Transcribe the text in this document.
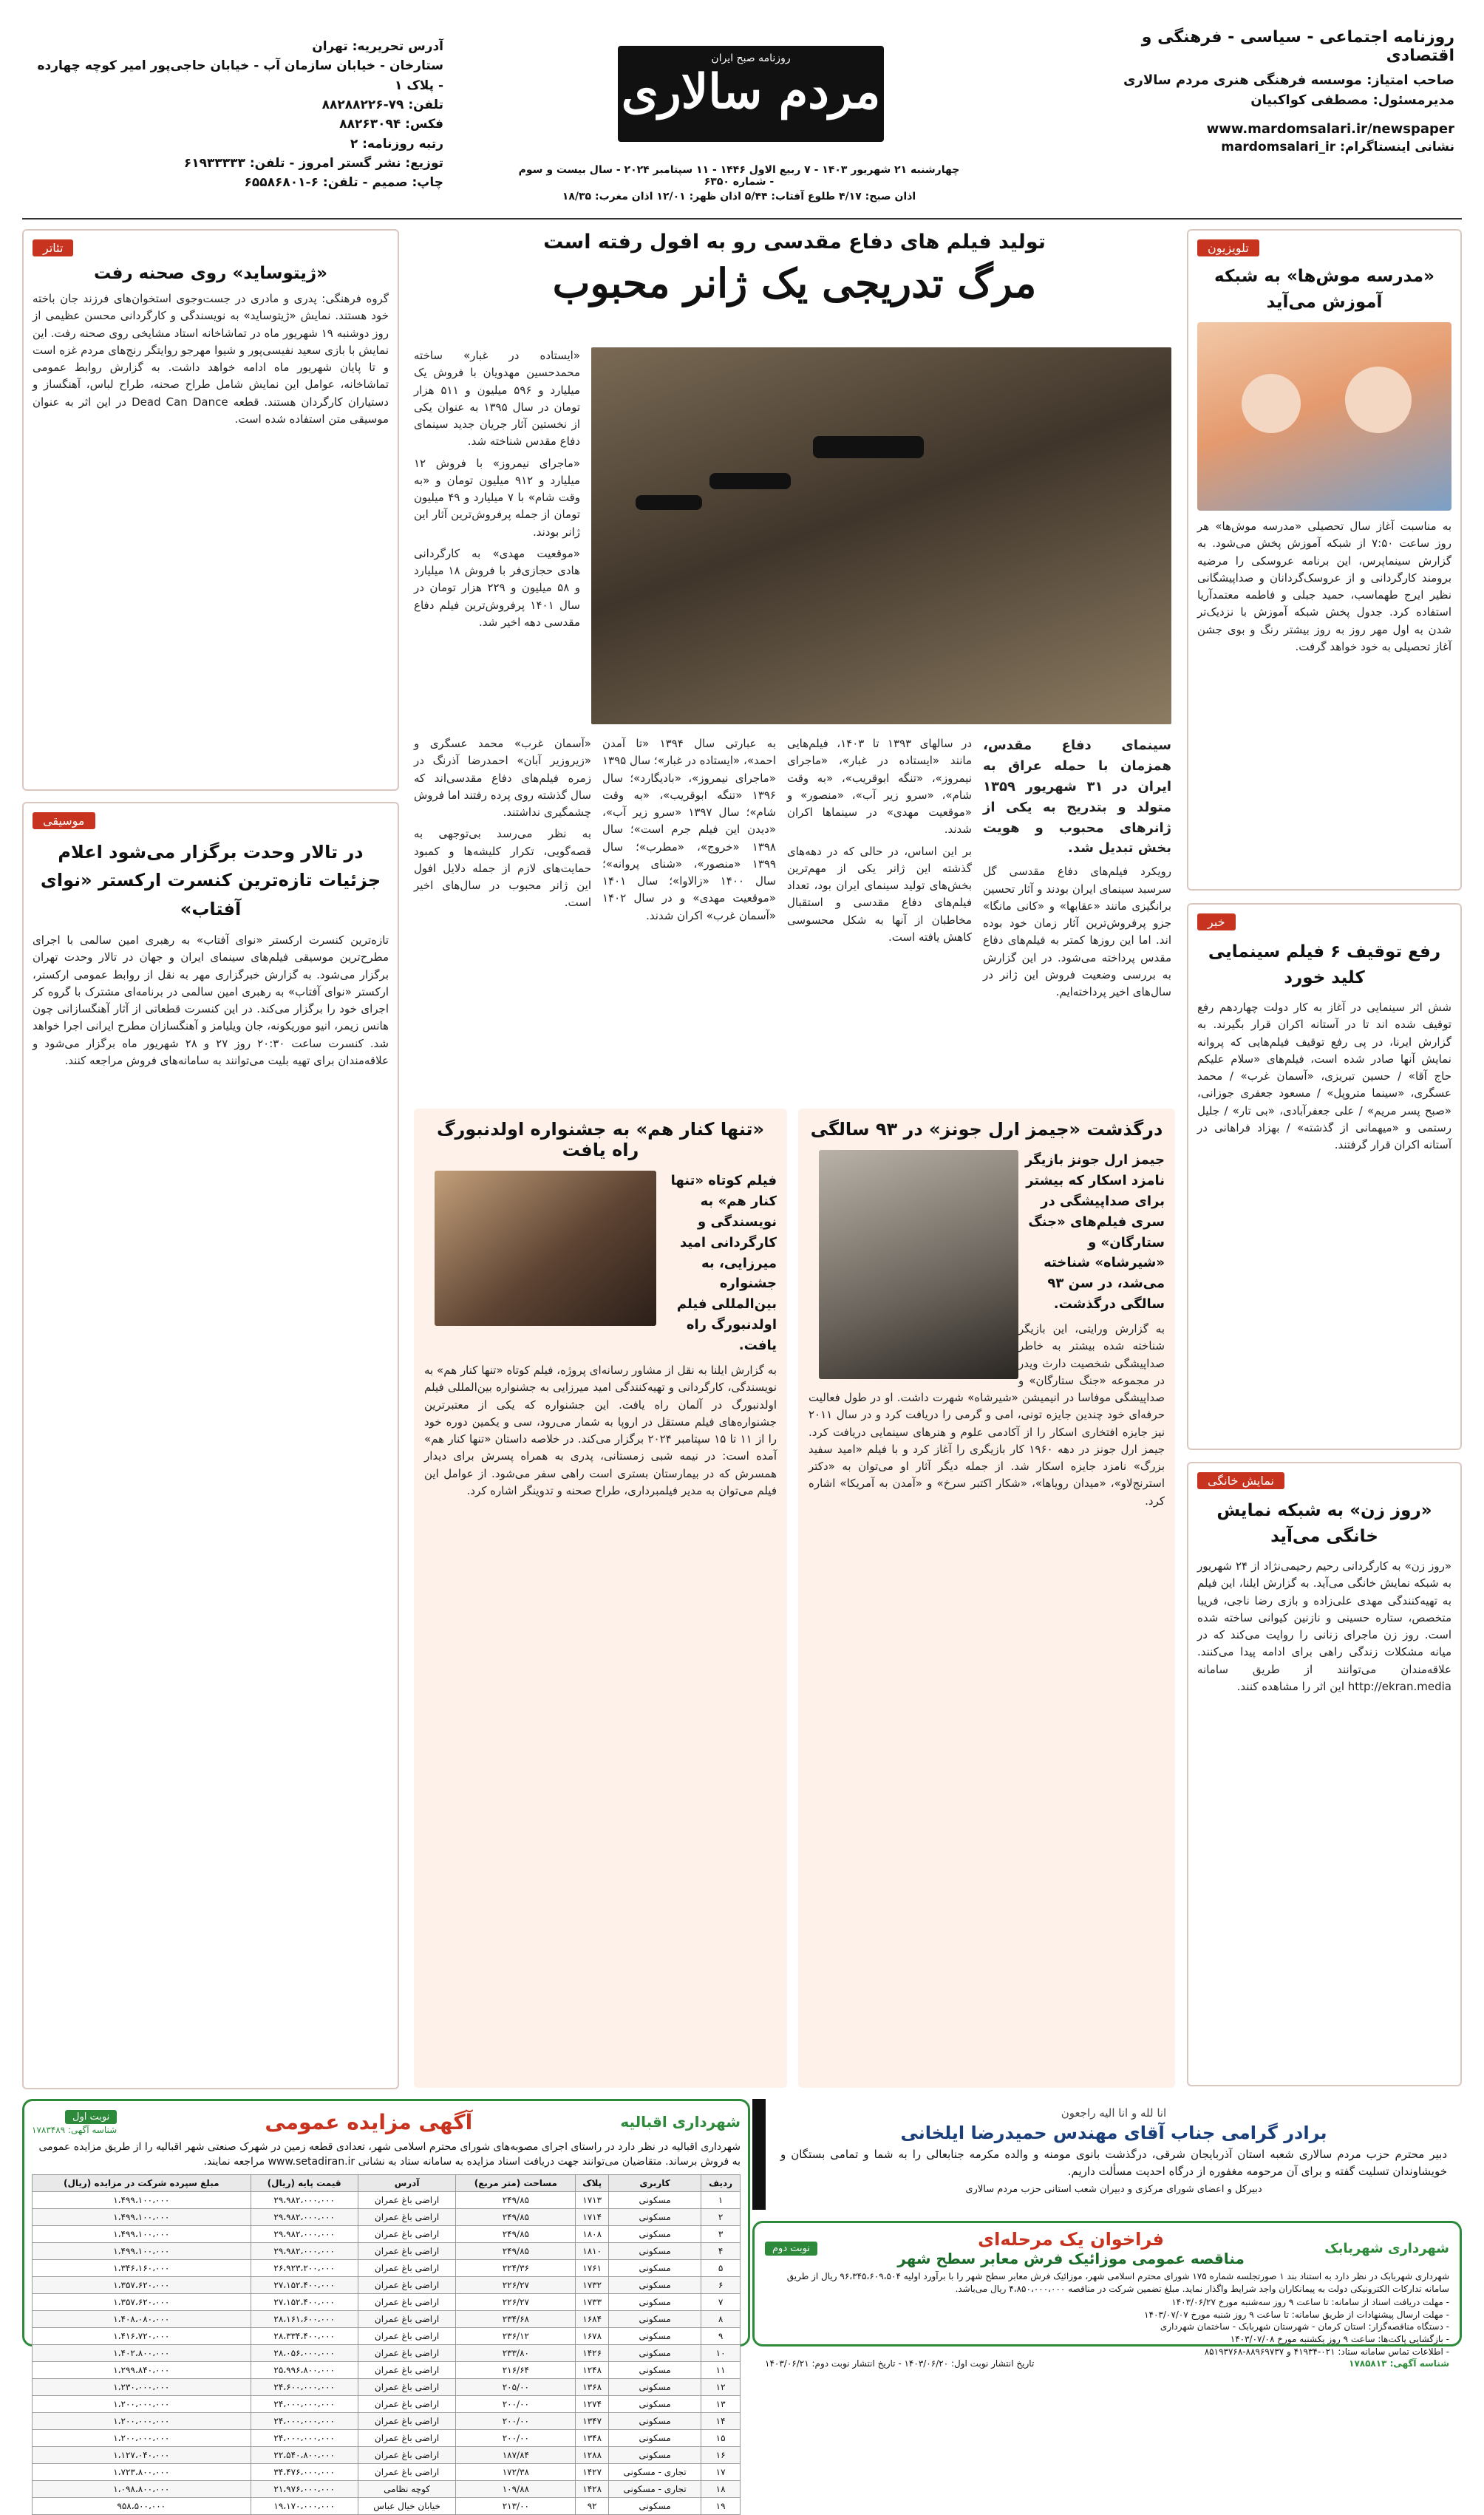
روزنامه اجتماعی - سیاسی - فرهنگی و اقتصادی
صاحب امتیاز: موسسه فرهنگی هنری مردم سالاری
مدیرمسئول: مصطفی کواکبیان
www.mardomsalari.ir/newspaper
نشانی اینستاگرام: mardomsalari_ir
روزنامه صبح ایران
مردم سالاری
چهارشنبه ۲۱ شهریور ۱۴۰۳ - ۷ ربیع الاول ۱۴۴۶ - ۱۱ سپتامبر ۲۰۲۴ - سال بیست و سوم - شماره ۶۳۵۰
اذان صبح: ۴/۱۷ طلوع آفتاب: ۵/۴۴ اذان ظهر: ۱۲/۰۱ اذان مغرب: ۱۸/۳۵
آدرس تحریریه: تهران
ستارخان - خیابان سازمان آب - خیابان حاجی‌پور امیر کوچه چهارده - پلاک ۱
تلفن: ۷۹-۸۸۲۸۸۲۲۶
فکس: ۸۸۲۶۳۰۹۴
رتبه روزنامه: ۲
توزیع: نشر گستر امروز - تلفن: ۶۱۹۳۳۳۳۳
چاپ: صمیم - تلفن: ۶-۶۵۵۸۶۸۰۱
تلویزیون
«مدرسه موش‌ها» به شبکه آموزش می‌آید
به مناسبت آغاز سال تحصیلی «مدرسه موش‌ها» هر روز ساعت ۷:۵۰ از شبکه آموزش پخش می‌شود. به گزارش سینماپرس، این برنامه عروسکی را مرضیه برومند کارگردانی و از عروسک‌گردانان و صداپیشگانی نظیر ایرج طهماسب، حمید جبلی و فاطمه معتمدآریا استفاده کرد. جدول پخش شبکه آموزش با نزدیک‌تر شدن به اول مهر روز به روز بیشتر رنگ و بوی جشن آغاز تحصیلی به خود خواهد گرفت.
خبر
رفع توقیف ۶ فیلم سینمایی کلید خورد
شش اثر سینمایی در آغاز به کار دولت چهاردهم رفع توقیف شده اند تا در آستانه اکران قرار بگیرند. به گزارش ایرنا، در پی رفع توقیف فیلم‌هایی که پروانه نمایش آنها صادر شده است، فیلم‌های «سلام علیکم حاج آقا» / حسین تبریزی، «آسمان غرب» / محمد عسگری، «سینما متروپل» / مسعود جعفری جوزانی، «صبح پسر مریم» / علی جعفرآبادی، «بی تار» / جلیل رستمی و «میهمانی از گذشته» / بهزاد فراهانی در آستانه اکران قرار گرفتند.
نمایش خانگی
«روز زن» به شبکه نمایش خانگی می‌آید
«روز زن» به کارگردانی رحیم رحیمی‌نژاد از ۲۴ شهریور به شبکه نمایش خانگی می‌آید. به گزارش ایلنا، این فیلم به تهیه‌کنندگی مهدی علی‌زاده و بازی رضا ناجی، فریبا متخصص، ستاره حسینی و نازنین کیوانی ساخته شده است. روز زن ماجرای زنانی را روایت می‌کند که در میانه مشکلات زندگی راهی برای ادامه پیدا می‌کنند. علاقه‌مندان می‌توانند از طریق سامانه http://ekran.media این اثر را مشاهده کنند.
تئاتر
«ژیتوساید» روی صحنه رفت
گروه فرهنگی: پدری و مادری در جست‌وجوی استخوان‌های فرزند جان باخته خود هستند. نمایش «ژیتوساید» به نویسندگی و کارگردانی محسن عظیمی از روز دوشنبه ۱۹ شهریور ماه در تماشاخانه استاد مشایخی روی صحنه رفت. این نمایش با بازی سعید نفیسی‌پور و شیوا مهرجو روایتگر رنج‌های مردم غزه است و تا پایان شهریور ماه ادامه خواهد داشت. به گزارش روابط عمومی تماشاخانه، عوامل این نمایش شامل طراح صحنه، طراح لباس، آهنگساز و دستیاران کارگردان هستند. قطعه Dead Can Dance در این اثر به عنوان موسیقی متن استفاده شده است.
موسیقی
در تالار وحدت برگزار می‌شود اعلام جزئیات تازه‌ترین کنسرت ارکستر «نوای آفتاب»
تازه‌ترین کنسرت ارکستر «نوای آفتاب» به رهبری امین سالمی با اجرای مطرح‌ترین موسیقی فیلم‌های سینمای ایران و جهان در تالار وحدت تهران برگزار می‌شود. به گزارش خبرگزاری مهر به نقل از روابط عمومی ارکستر، ارکستر «نوای آفتاب» به رهبری امین سالمی در برنامه‌ای مشترک با گروه کر اجرای خود را برگزار می‌کند. در این کنسرت قطعاتی از آثار آهنگسازانی چون هانس زیمر، انیو موریکونه، جان ویلیامز و آهنگسازان مطرح ایرانی اجرا خواهد شد. کنسرت ساعت ۲۰:۳۰ روز ۲۷ و ۲۸ شهریور ماه برگزار می‌شود و علاقه‌مندان برای تهیه بلیت می‌توانند به سامانه‌های فروش مراجعه کنند.
تولید فیلم های دفاع مقدسی رو به افول رفته است
مرگ تدریجی یک ژانر محبوب

«ایستاده در غبار» ساخته محمدحسین مهدویان با فروش یک میلیارد و ۵۹۶ میلیون و ۵۱۱ هزار تومان در سال ۱۳۹۵ به عنوان یکی از نخستین آثار جریان جدید سینمای دفاع مقدس شناخته شد.

«ماجرای نیمروز» با فروش ۱۲ میلیارد و ۹۱۲ میلیون تومان و «به وقت شام» با ۷ میلیارد و ۴۹ میلیون تومان از جمله پرفروش‌ترین آثار این ژانر بودند.

«موقعیت مهدی» به کارگردانی هادی حجازی‌فر با فروش ۱۸ میلیارد و ۵۸ میلیون و ۲۲۹ هزار تومان در سال ۱۴۰۱ پرفروش‌ترین فیلم دفاع مقدسی دهه اخیر شد.

سینمای دفاع مقدس، همزمان با حمله عراق به ایران در ۳۱ شهریور ۱۳۵۹ متولد و بتدریج به یکی از ژانرهای محبوب و هویت بخش تبدیل شد.

رویکرد فیلم‌های دفاع مقدسی گل سرسبد سینمای ایران بودند و آثار تحسین برانگیزی مانند «عقابها» و «کانی مانگا» جزو پرفروش‌ترین آثار زمان خود بوده اند. اما این روزها کمتر به فیلم‌های دفاع مقدس پرداخته می‌شود. در این گزارش به بررسی وضعیت فروش این ژانر در سال‌های اخیر پرداخته‌ایم.

در سالهای ۱۳۹۳ تا ۱۴۰۳، فیلم‌هایی مانند «ایستاده در غبار»، «ماجرای نیمروز»، «تنگه ابوقریب»، «به وقت شام»، «سرو زیر آب»، «منصور» و «موقعیت مهدی» در سینماها اکران شدند.

بر این اساس، در حالی که در دهه‌های گذشته این ژانر یکی از مهم‌ترین بخش‌های تولید سینمای ایران بود، تعداد فیلم‌های دفاع مقدسی و استقبال مخاطبان از آنها به شکل محسوسی کاهش یافته است.

به عبارتی سال ۱۳۹۴ «تا آمدن احمد»، «ایستاده در غبار»؛ سال ۱۳۹۵ «ماجرای نیمروز»، «بادیگارد»؛ سال ۱۳۹۶ «تنگه ابوقریب»، «به وقت شام»؛ سال ۱۳۹۷ «سرو زیر آب»، «دیدن این فیلم جرم است»؛ سال ۱۳۹۸ «خروج»، «مطرب»؛ سال ۱۳۹۹ «منصور»، «شنای پروانه»؛ سال ۱۴۰۰ «زالاوا»؛ سال ۱۴۰۱ «موقعیت مهدی» و در سال ۱۴۰۲ «آسمان غرب» اکران شدند.

«آسمان غرب» محمد عسگری و «زیروزیر آبان» احمدرضا آذرنگ در زمره فیلم‌های دفاع مقدسی‌اند که سال گذشته روی پرده رفتند اما فروش چشمگیری نداشتند.

به نظر می‌رسد بی‌توجهی به قصه‌گویی، تکرار کلیشه‌ها و کمبود حمایت‌های لازم از جمله دلایل افول این ژانر محبوب در سال‌های اخیر است.

درگذشت «جیمز ارل جونز» در ۹۳ سالگی

جیمز ارل جونز بازیگر نامزد اسکار که بیشتر برای صداپیشگی در سری فیلم‌های «جنگ ستارگان» و «شیرشاه» شناخته می‌شد، در سن ۹۳ سالگی درگذشت.

به گزارش ورایتی، این بازیگر شناخته شده بیشتر به خاطر صداپیشگی شخصیت دارث ویدر در مجموعه «جنگ ستارگان» و صداپیشگی موفاسا در انیمیشن «شیرشاه» شهرت داشت. او در طول فعالیت حرفه‌ای خود چندین جایزه تونی، امی و گرمی را دریافت کرد و در سال ۲۰۱۱ نیز جایزه افتخاری اسکار را از آکادمی علوم و هنرهای سینمایی دریافت کرد. جیمز ارل جونز در دهه ۱۹۶۰ کار بازیگری را آغاز کرد و با فیلم «امید سفید بزرگ» نامزد جایزه اسکار شد. از جمله دیگر آثار او می‌توان به «دکتر استرنج‌لاو»، «میدان رویاها»، «شکار اکتبر سرخ» و «آمدن به آمریکا» اشاره کرد.
«تنها کنار هم» به جشنواره اولدنبورگ راه یافت

فیلم کوتاه «تنها کنار هم» به نویسندگی و کارگردانی امید میرزایی، به جشنواره بین‌المللی فیلم اولدنبورگ راه یافت.

به گزارش ایلنا به نقل از مشاور رسانه‌ای پروژه، فیلم کوتاه «تنها کنار هم» به نویسندگی، کارگردانی و تهیه‌کنندگی امید میرزایی به جشنواره بین‌المللی فیلم اولدنبورگ در آلمان راه یافت. این جشنواره که یکی از معتبرترین جشنواره‌های فیلم مستقل در اروپا به شمار می‌رود، سی و یکمین دوره خود را از ۱۱ تا ۱۵ سپتامبر ۲۰۲۴ برگزار می‌کند. در خلاصه داستان «تنها کنار هم» آمده است: در نیمه شبی زمستانی، پدری به همراه پسرش برای دیدار همسرش که در بیمارستان بستری است راهی سفر می‌شود. از عوامل این فیلم می‌توان به مدیر فیلمبرداری، طراح صحنه و تدوینگر اشاره کرد.
انا لله و انا الیه راجعون
برادر گرامی جناب آقای مهندس حمیدرضا ایلخانی
دبیر محترم حزب مردم سالاری شعبه استان آذربایجان شرقی، درگذشت بانوی مومنه و والده مکرمه جنابعالی را به شما و تمامی بستگان و خویشاوندان تسلیت گفته و برای آن مرحومه مغفوره از درگاه احدیت مسألت داریم.
دبیرکل و اعضای شورای مرکزی و دبیران شعب استانی حزب مردم سالاری
شهرداری اقبالیه
آگهی مزایده عمومی
نوبت اول
شناسه آگهی: ۱۷۸۳۴۸۹
شهرداری اقبالیه در نظر دارد در راستای اجرای مصوبه‌های شورای محترم اسلامی شهر، تعدادی قطعه زمین در شهرک صنعتی شهر اقبالیه را از طریق مزایده عمومی به فروش برساند. متقاضیان می‌توانند جهت دریافت اسناد مزایده به سامانه ستاد به نشانی www.setadiran.ir مراجعه نمایند.
ردیف	کاربری	پلاک	مساحت (متر مربع)	آدرس	قیمت پایه (ریال)	مبلغ سپرده شرکت در مزایده (ریال)
۱	مسکونی	۱۷۱۳	۲۴۹/۸۵	اراضی باغ عمران	۲۹،۹۸۲،۰۰۰،۰۰۰	۱،۴۹۹،۱۰۰،۰۰۰
۲	مسکونی	۱۷۱۴	۲۴۹/۸۵	اراضی باغ عمران	۲۹،۹۸۲،۰۰۰،۰۰۰	۱،۴۹۹،۱۰۰،۰۰۰
۳	مسکونی	۱۸۰۸	۲۴۹/۸۵	اراضی باغ عمران	۲۹،۹۸۲،۰۰۰،۰۰۰	۱،۴۹۹،۱۰۰،۰۰۰
۴	مسکونی	۱۸۱۰	۲۴۹/۸۵	اراضی باغ عمران	۲۹،۹۸۲،۰۰۰،۰۰۰	۱،۴۹۹،۱۰۰،۰۰۰
۵	مسکونی	۱۷۶۱	۲۲۴/۳۶	اراضی باغ عمران	۲۶،۹۲۳،۲۰۰،۰۰۰	۱،۳۴۶،۱۶۰،۰۰۰
۶	مسکونی	۱۷۳۲	۲۲۶/۲۷	اراضی باغ عمران	۲۷،۱۵۲،۴۰۰،۰۰۰	۱،۳۵۷،۶۲۰،۰۰۰
۷	مسکونی	۱۷۳۳	۲۲۶/۲۷	اراضی باغ عمران	۲۷،۱۵۲،۴۰۰،۰۰۰	۱،۳۵۷،۶۲۰،۰۰۰
۸	مسکونی	۱۶۸۴	۲۳۴/۶۸	اراضی باغ عمران	۲۸،۱۶۱،۶۰۰،۰۰۰	۱،۴۰۸،۰۸۰،۰۰۰
۹	مسکونی	۱۶۷۸	۲۳۶/۱۲	اراضی باغ عمران	۲۸،۳۳۴،۴۰۰،۰۰۰	۱،۴۱۶،۷۲۰،۰۰۰
۱۰	مسکونی	۱۴۲۶	۲۳۳/۸۰	اراضی باغ عمران	۲۸،۰۵۶،۰۰۰،۰۰۰	۱،۴۰۲،۸۰۰،۰۰۰
۱۱	مسکونی	۱۲۴۸	۲۱۶/۶۴	اراضی باغ عمران	۲۵،۹۹۶،۸۰۰،۰۰۰	۱،۲۹۹،۸۴۰،۰۰۰
۱۲	مسکونی	۱۳۶۸	۲۰۵/۰۰	اراضی باغ عمران	۲۴،۶۰۰،۰۰۰،۰۰۰	۱،۲۳۰،۰۰۰،۰۰۰
۱۳	مسکونی	۱۲۷۴	۲۰۰/۰۰	اراضی باغ عمران	۲۴،۰۰۰،۰۰۰،۰۰۰	۱،۲۰۰،۰۰۰،۰۰۰
۱۴	مسکونی	۱۳۴۷	۲۰۰/۰۰	اراضی باغ عمران	۲۴،۰۰۰،۰۰۰،۰۰۰	۱،۲۰۰،۰۰۰،۰۰۰
۱۵	مسکونی	۱۳۴۸	۲۰۰/۰۰	اراضی باغ عمران	۲۴،۰۰۰،۰۰۰،۰۰۰	۱،۲۰۰،۰۰۰،۰۰۰
۱۶	مسکونی	۱۲۸۸	۱۸۷/۸۴	اراضی باغ عمران	۲۲،۵۴۰،۸۰۰،۰۰۰	۱،۱۲۷،۰۴۰،۰۰۰
۱۷	تجاری - مسکونی	۱۴۲۷	۱۷۲/۳۸	اراضی باغ عمران	۳۴،۴۷۶،۰۰۰،۰۰۰	۱،۷۲۳،۸۰۰،۰۰۰
۱۸	تجاری - مسکونی	۱۴۲۸	۱۰۹/۸۸	کوچه نظامی	۲۱،۹۷۶،۰۰۰،۰۰۰	۱،۰۹۸،۸۰۰،۰۰۰
۱۹	مسکونی	۹۲	۲۱۳/۰۰	خیابان خیال عباس	۱۹،۱۷۰،۰۰۰،۰۰۰	۹۵۸،۵۰۰،۰۰۰
شهرداری شهربابک
فراخوان یک مرحله‌ای
مناقصه عمومی موزائیک فرش معابر سطح شهر
نوبت دوم
شهرداری شهربابک در نظر دارد به استناد بند ۱ صورتجلسه شماره ۱۷۵ شورای محترم اسلامی شهر، موزائیک فرش معابر سطح شهر را با برآورد اولیه ۹۶،۳۴۵،۶۰۹،۵۰۴ ریال از طریق سامانه تدارکات الکترونیکی دولت به پیمانکاران واجد شرایط واگذار نماید. مبلغ تضمین شرکت در مناقصه ۴،۸۵۰،۰۰۰،۰۰۰ ریال می‌باشد.
- مهلت دریافت اسناد از سامانه: تا ساعت ۹ روز سه‌شنبه مورخ ۱۴۰۳/۰۶/۲۷
- مهلت ارسال پیشنهادات از طریق سامانه: تا ساعت ۹ روز شنبه مورخ ۱۴۰۳/۰۷/۰۷
- دستگاه مناقصه‌گزار: استان کرمان - شهرستان شهربابک - ساختمان شهرداری
- بازگشایی پاکت‌ها: ساعت ۹ روز یکشنبه مورخ ۱۴۰۳/۰۷/۰۸
- اطلاعات تماس سامانه ستاد: ۰۲۱-۴۱۹۳۴ و ۸۸۹۶۹۷۳۷-۸۵۱۹۳۷۶۸
شناسه آگهی: ۱۷۸۵۸۱۳
تاریخ انتشار نوبت اول: ۱۴۰۳/۰۶/۲۰ - تاریخ انتشار نوبت دوم: ۱۴۰۳/۰۶/۲۱
